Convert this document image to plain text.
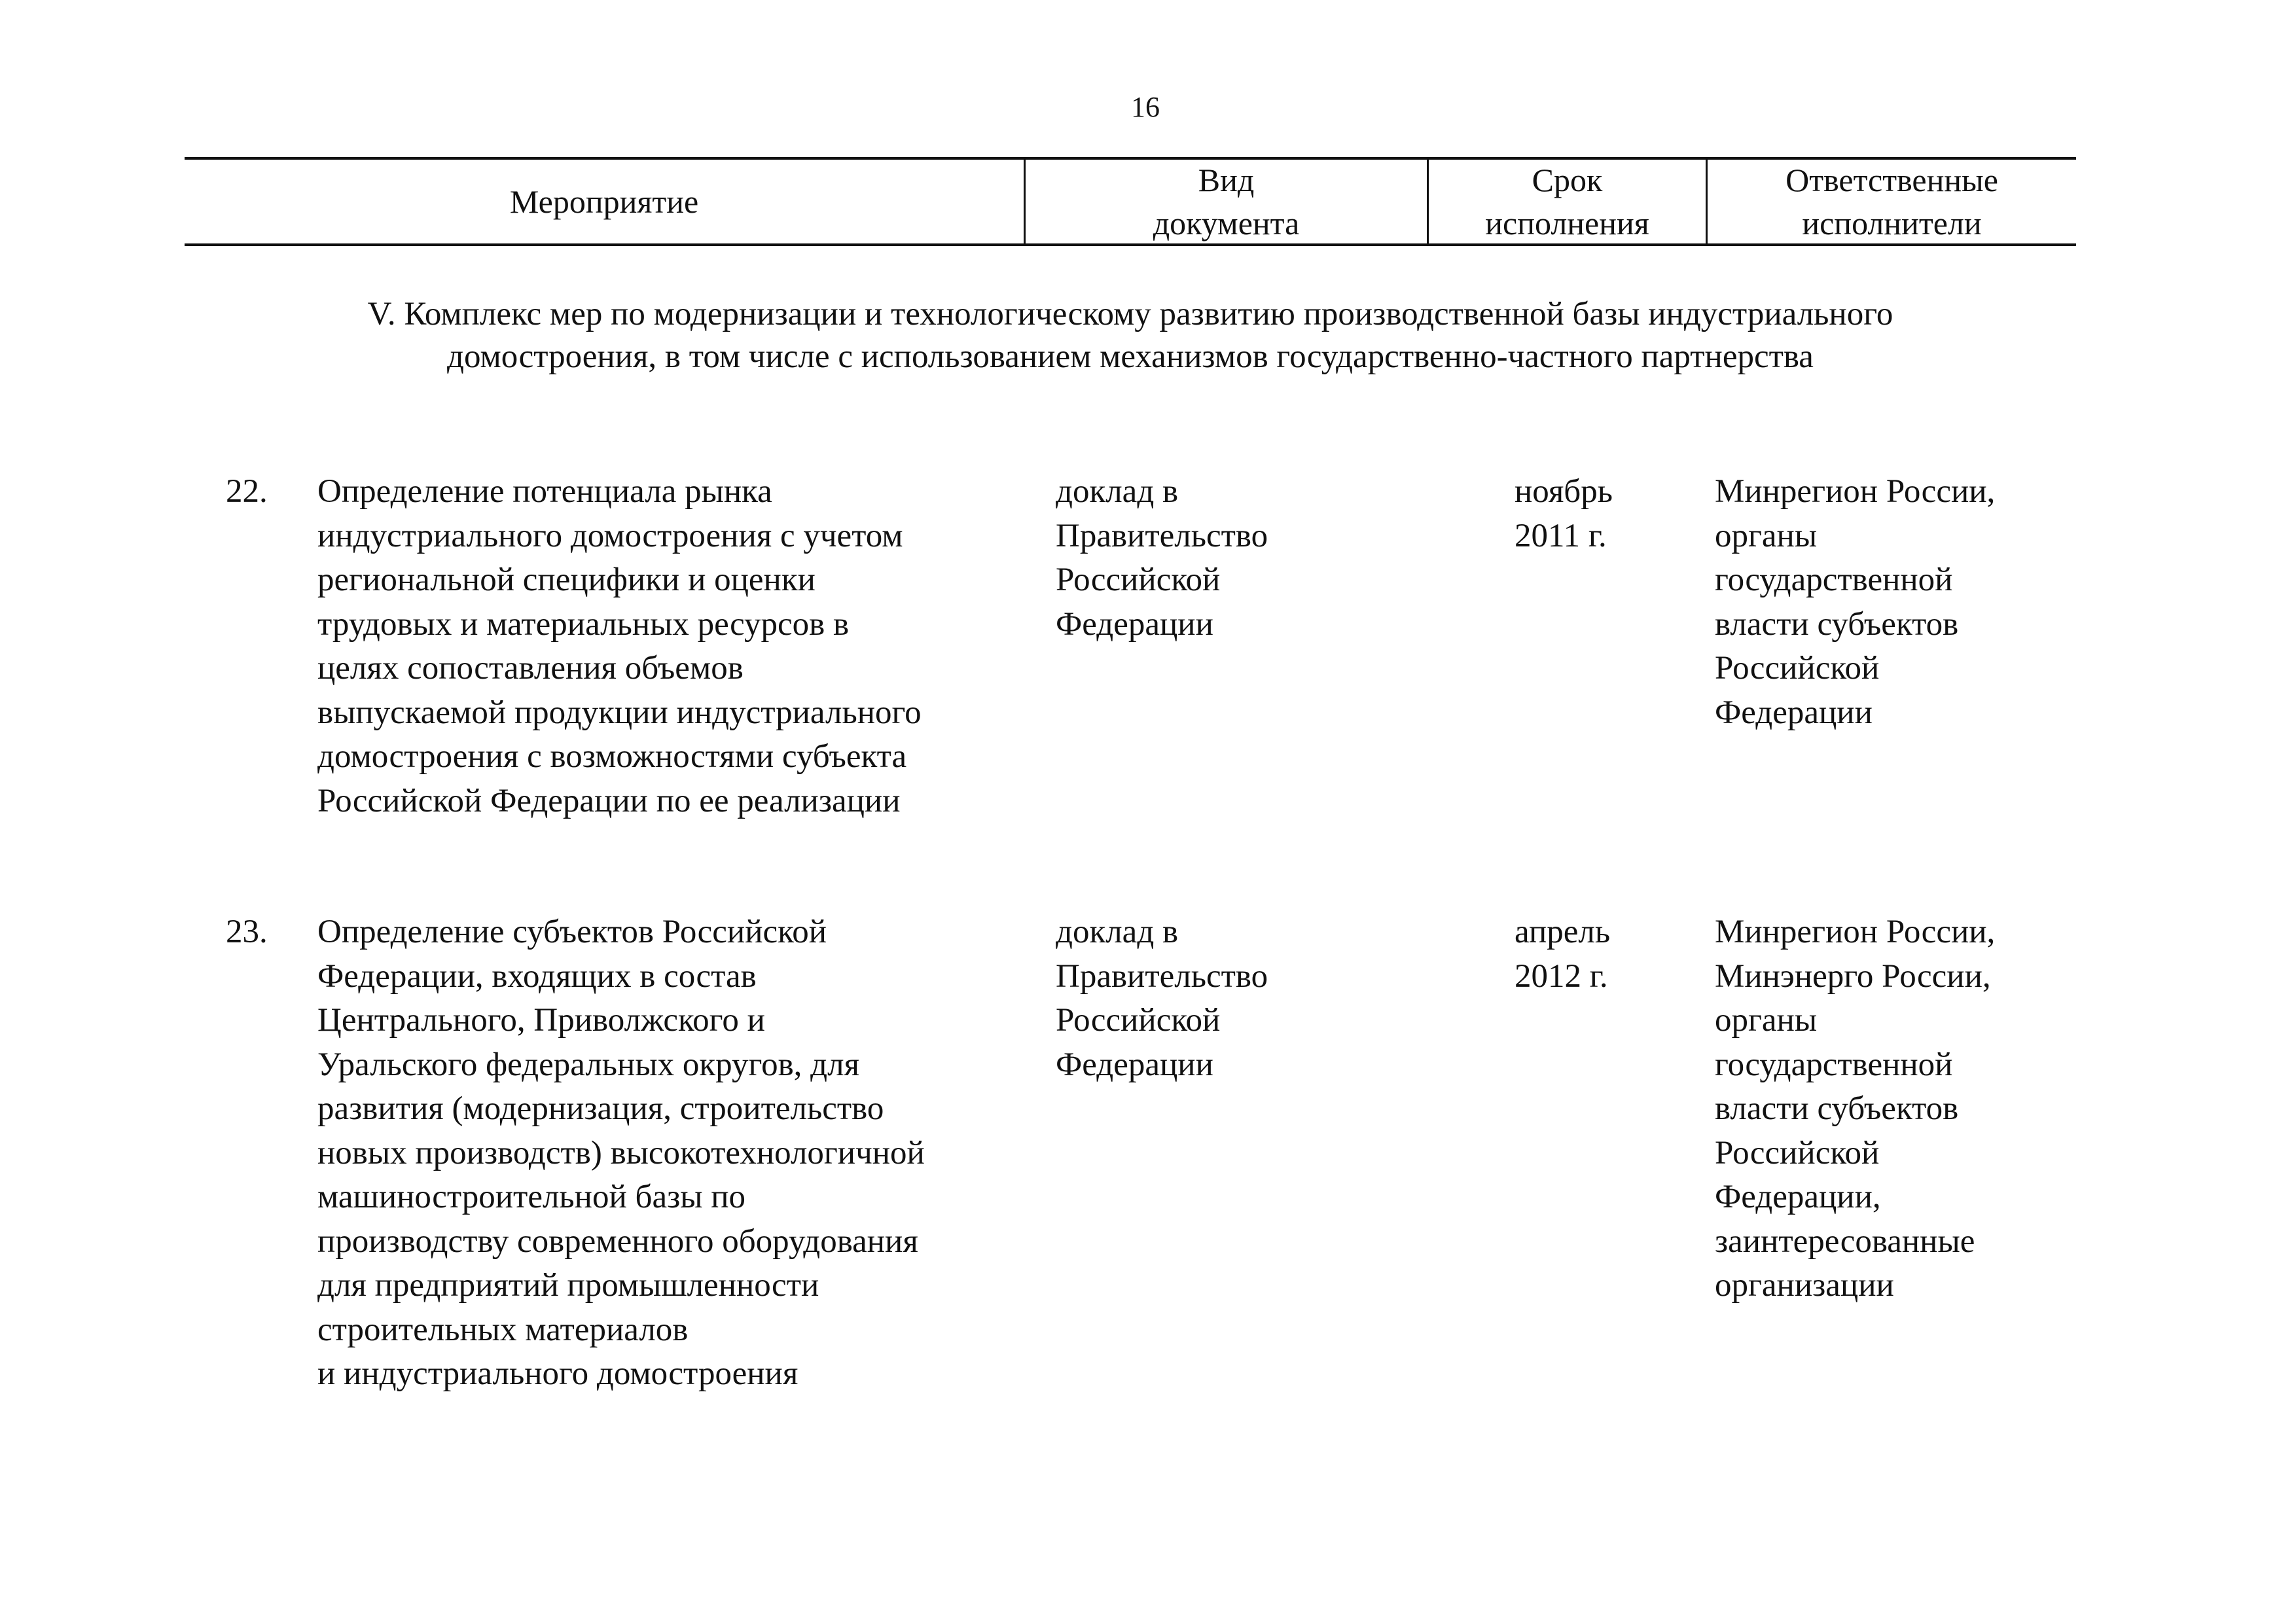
16
Мероприятие
Вид
документа
Срок
исполнения
Ответственные
исполнители
V. Комплекс мер по модернизации и технологическому развитию производственной базы индустриального
домостроения, в том числе с использованием механизмов государственно-частного партнерства
22. Определение потенциала рынка
индустриального домостроения с учетом
региональной специфики и оценки
трудовых и материальных ресурсов в
целях сопоставления объемов
выпускаемой продукции индустриального
домостроения с возможностями субъекта
Российской Федерации по ее реализации
доклад в
Правительство
Российской
Федерации
ноябрь
2011 г.
Минрегион России,
органы
государственной
власти субъектов
Российской
Федерации
23. Определение субъектов Российской
Федерации, входящих в состав
Центрального, Приволжского и
Уральского федеральных округов, для
развития (модернизация, строительство
новых производств) высокотехнологичной
машиностроительной базы по
производству современного оборудования
для предприятий промышленности
строительных материалов
и индустриального домостроения
доклад в
Правительство
Российской
Федерации
апрель
2012 г.
Минрегион России,
Минэнерго России,
органы
государственной
власти субъектов
Российской
Федерации,
заинтересованные
организации
